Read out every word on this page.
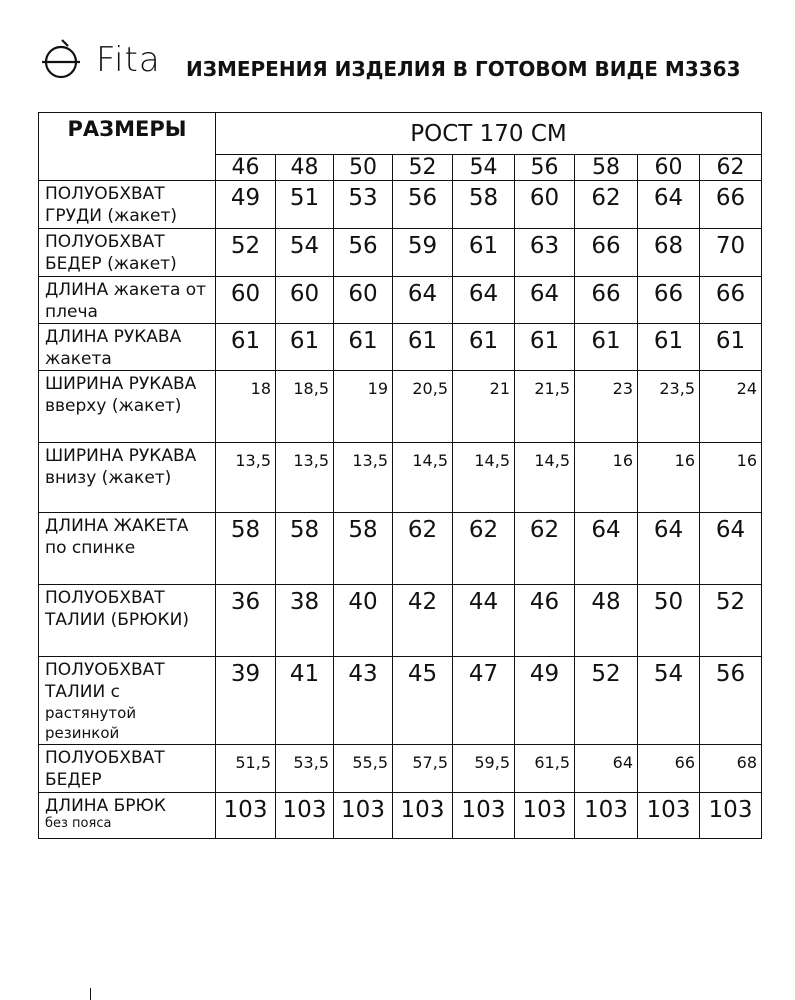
Fita ИЗМЕРЕНИЯ ИЗДЕЛИЯ В ГОТОВОМ ВИДЕ М3363
РАЗМЕРЫ	РОСТ 170 СМ								
	46	48	50	52	54	56	58	60	62
ПОЛУОБХВАТ ГРУДИ (жакет)	49	51	53	56	58	60	62	64	66
ПОЛУОБХВАТ БЕДЕР (жакет)	52	54	56	59	61	63	66	68	70
ДЛИНА жакета от плеча	60	60	60	64	64	64	66	66	66
ДЛИНА РУКАВА жакета	61	61	61	61	61	61	61	61	61
ШИРИНА РУКАВА вверху (жакет)	18	18,5	19	20,5	21	21,5	23	23,5	24
ШИРИНА РУКАВА внизу (жакет)	13,5	13,5	13,5	14,5	14,5	14,5	16	16	16
ДЛИНА ЖАКЕТА по спинке	58	58	58	62	62	62	64	64	64
ПОЛУОБХВАТ ТАЛИИ (БРЮКИ)	36	38	40	42	44	46	48	50	52
ПОЛУОБХВАТ ТАЛИИ с
растянутой резинкой	39	41	43	45	47	49	52	54	56
ПОЛУОБХВАТ БЕДЕР	51,5	53,5	55,5	57,5	59,5	61,5	64	66	68
ДЛИНА БРЮК
без пояса	103	103	103	103	103	103	103	103	103
